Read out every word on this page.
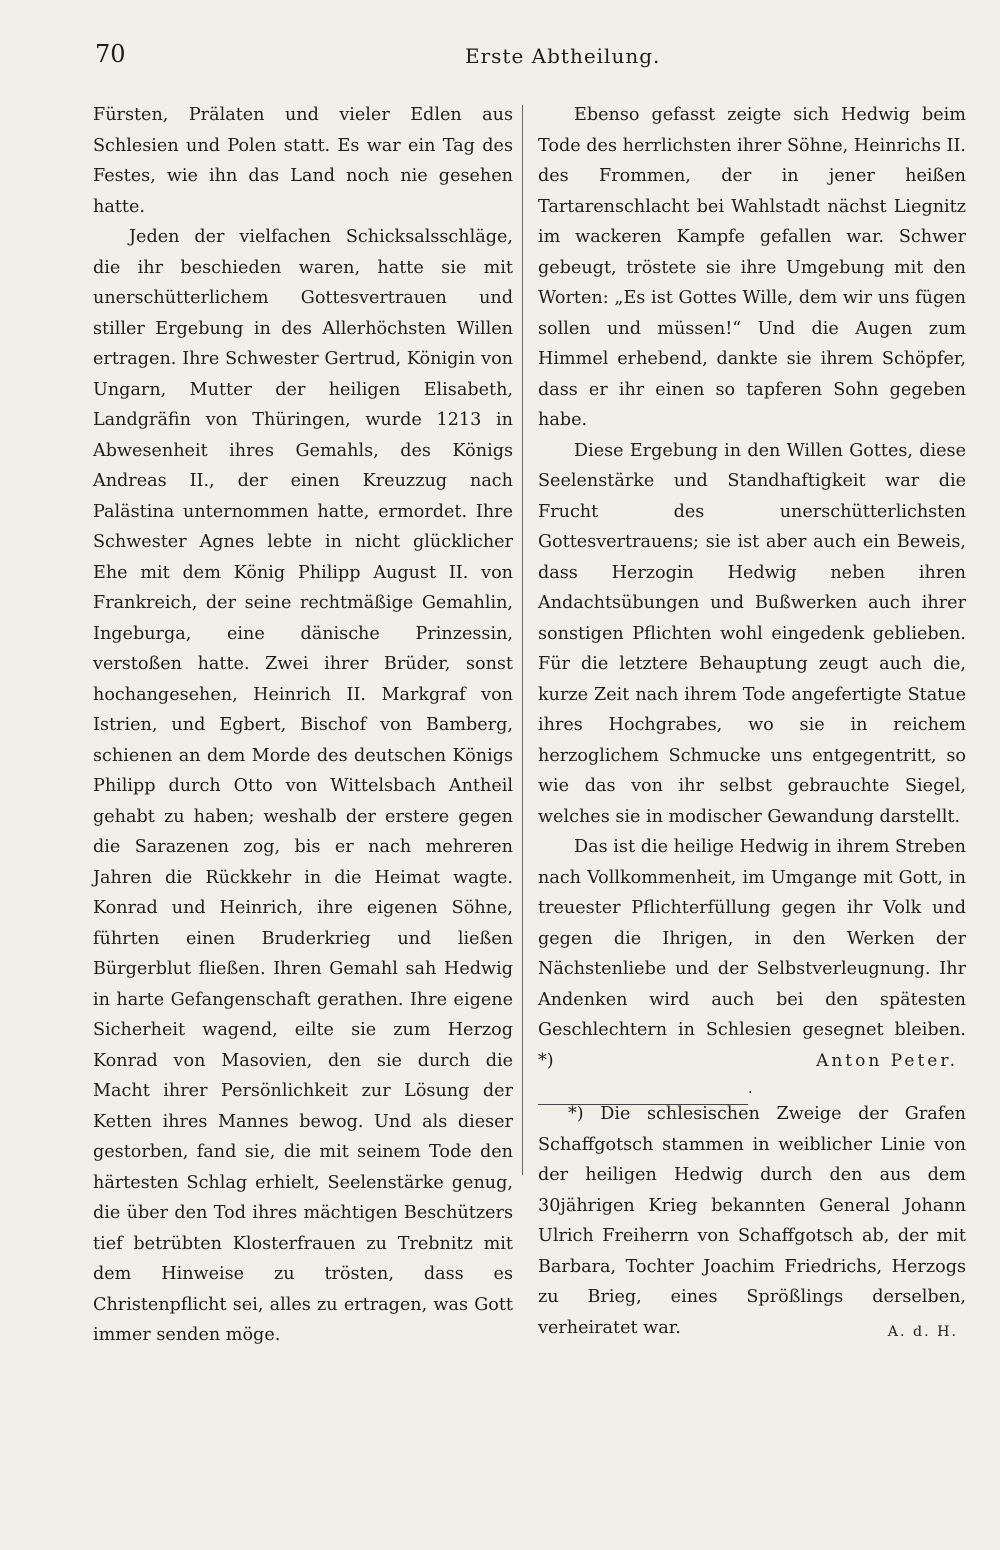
70	Erste Abtheilung.

Fürsten, Prälaten und vieler Edlen aus Schlesien und Polen statt. Es war ein Tag des Festes, wie ihn das Land noch nie gesehen hatte.

Jeden der vielfachen Schicksalsschläge, die ihr beschieden waren, hatte sie mit unerschütterlichem Gottesvertrauen und stiller Ergebung in des Allerhöchsten Willen ertragen. Ihre Schwester Gertrud, Königin von Ungarn, Mutter der heiligen Elisabeth, Landgräfin von Thüringen, wurde 1213 in Abwesenheit ihres Gemahls, des Königs Andreas II., der einen Kreuzzug nach Palästina unternommen hatte, ermordet. Ihre Schwester Agnes lebte in nicht glücklicher Ehe mit dem König Philipp August II. von Frankreich, der seine rechtmäßige Gemahlin, Ingeburga, eine dänische Prinzessin, verstoßen hatte. Zwei ihrer Brüder, sonst hochangesehen, Heinrich II. Markgraf von Istrien, und Egbert, Bischof von Bamberg, schienen an dem Morde des deutschen Königs Philipp durch Otto von Wittelsbach Antheil gehabt zu haben; weshalb der erstere gegen die Sarazenen zog, bis er nach mehreren Jahren die Rückkehr in die Heimat wagte. Konrad und Heinrich, ihre eigenen Söhne, führten einen Bruderkrieg und ließen Bürgerblut fließen. Ihren Gemahl sah Hedwig in harte Gefangenschaft gerathen. Ihre eigene Sicherheit wagend, eilte sie zum Herzog Konrad von Masovien, den sie durch die Macht ihrer Persönlichkeit zur Lösung der Ketten ihres Mannes bewog. Und als dieser gestorben, fand sie, die mit seinem Tode den härtesten Schlag erhielt, Seelenstärke genug, die über den Tod ihres mächtigen Beschützers tief betrübten Klosterfrauen zu Trebnitz mit dem Hinweise zu trösten, dass es Christenpflicht sei, alles zu ertragen, was Gott immer senden möge.

Ebenso gefasst zeigte sich Hedwig beim Tode des herrlichsten ihrer Söhne, Heinrichs II. des Frommen, der in jener heißen Tartarenschlacht bei Wahlstadt nächst Liegnitz im wackeren Kampfe gefallen war. Schwer gebeugt, tröstete sie ihre Umgebung mit den Worten: „Es ist Gottes Wille, dem wir uns fügen sollen und müssen!“ Und die Augen zum Himmel erhebend, dankte sie ihrem Schöpfer, dass er ihr einen so tapferen Sohn gegeben habe.

Diese Ergebung in den Willen Gottes, diese Seelenstärke und Standhaftigkeit war die Frucht des unerschütterlichsten Gottesvertrauens; sie ist aber auch ein Beweis, dass Herzogin Hedwig neben ihren Andachtsübungen und Bußwerken auch ihrer sonstigen Pflichten wohl eingedenk geblieben. Für die letztere Behauptung zeugt auch die, kurze Zeit nach ihrem Tode angefertigte Statue ihres Hochgrabes, wo sie in reichem herzoglichem Schmucke uns entgegentritt, so wie das von ihr selbst gebrauchte Siegel, welches sie in modischer Gewandung darstellt.

Das ist die heilige Hedwig in ihrem Streben nach Vollkommenheit, im Umgange mit Gott, in treuester Pflichterfüllung gegen ihr Volk und gegen die Ihrigen, in den Werken der Nächstenliebe und der Selbstverleugnung. Ihr Andenken wird auch bei den spätesten Geschlechtern in Schlesien gesegnet bleiben. *)	Anton Peter.
·

*) Die schlesischen Zweige der Grafen Schaffgotsch stammen in weiblicher Linie von der heiligen Hedwig durch den aus dem 30jährigen Krieg bekannten General Johann Ulrich Freiherrn von Schaffgotsch ab, der mit Barbara, Tochter Joachim Friedrichs, Herzogs zu Brieg, eines Sprößlings derselben, verheiratet war.	A. d. H.
